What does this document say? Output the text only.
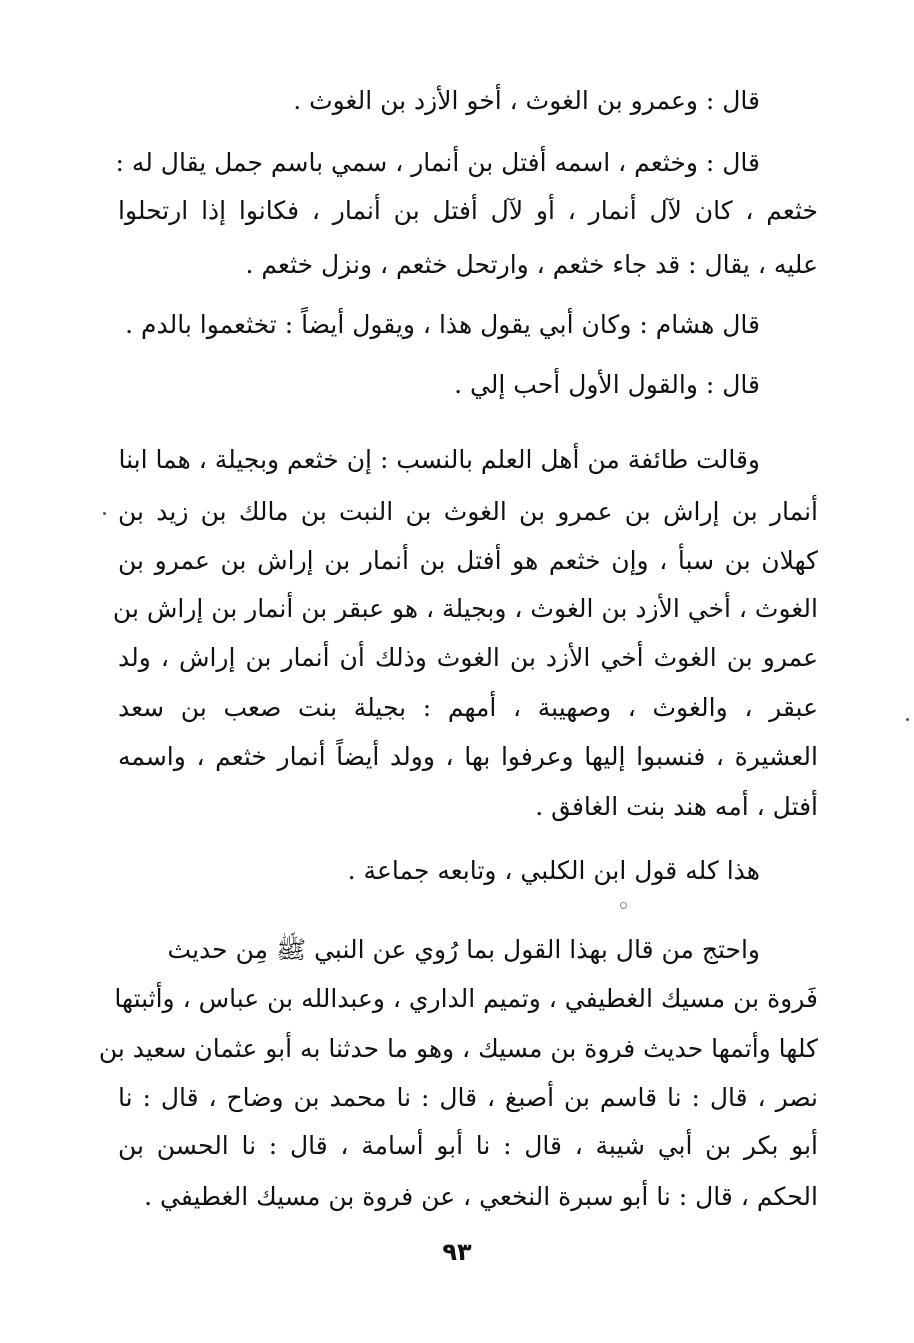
قال : وعمرو بن الغوث ، أخو الأزد بن الغوث .
قال : وخثعم ، اسمه أفتل بن أنمار ، سمي باسم جمل يقال له :
خثعم ، كان لآل أنمار ، أو لآل أفتل بن أنمار ، فكانوا إذا ارتحلوا
عليه ، يقال : قد جاء خثعم ، وارتحل خثعم ، ونزل خثعم .
قال هشام : وكان أبي يقول هذا ، ويقول أيضاً : تخثعموا بالدم .
قال : والقول الأول أحب إلي .
وقالت طائفة من أهل العلم بالنسب : إن خثعم وبجيلة ، هما ابنا
أنمار بن إراش بن عمرو بن الغوث بن النبت بن مالك بن زيد بن
كهلان بن سبأ ، وإن خثعم هو أفتل بن أنمار بن إراش بن عمرو بن
الغوث ، أخي الأزد بن الغوث ، وبجيلة ، هو عبقر بن أنمار بن إراش بن
عمرو بن الغوث أخي الأزد بن الغوث وذلك أن أنمار بن إراش ، ولد
عبقر ، والغوث ، وصهيبة ، أمهم : بجيلة بنت صعب بن سعد
العشيرة ، فنسبوا إليها وعرفوا بها ، وولد أيضاً أنمار خثعم ، واسمه
أفتل ، أمه هند بنت الغافق .
هذا كله قول ابن الكلبي ، وتابعه جماعة .
واحتج من قال بهذا القول بما رُوي عن النبي ﷺ مِن حديث
فَروة بن مسيك الغطيفي ، وتميم الداري ، وعبدالله بن عباس ، وأثبتها
كلها وأتمها حديث فروة بن مسيك ، وهو ما حدثنا به أبو عثمان سعيد بن
نصر ، قال : نا قاسم بن أصبغ ، قال : نا محمد بن وضاح ، قال : نا
أبو بكر بن أبي شيبة ، قال : نا أبو أسامة ، قال : نا الحسن بن
الحكم ، قال : نا أبو سبرة النخعي ، عن فروة بن مسيك الغطيفي .
٩٣
